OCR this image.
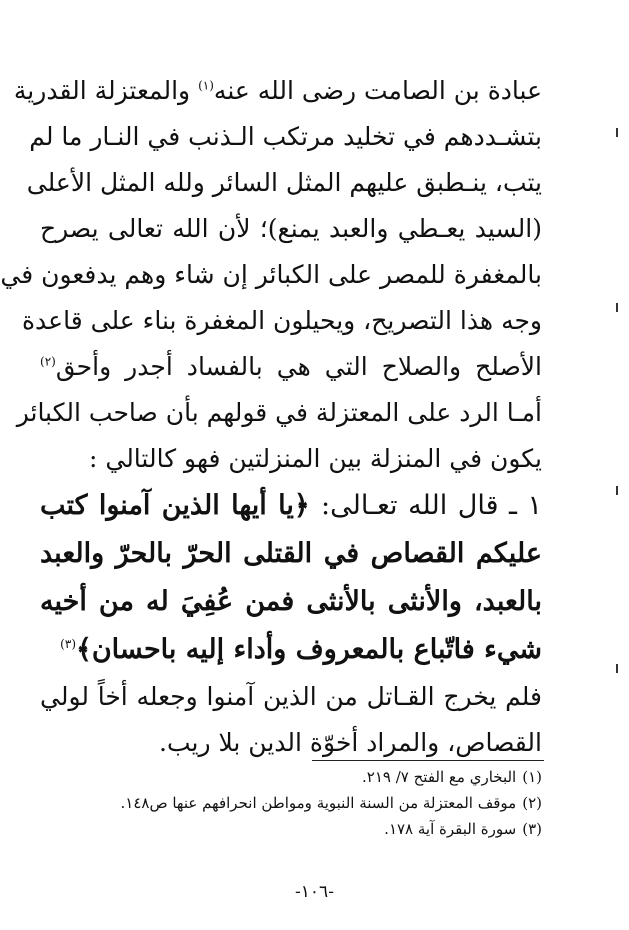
عبادة بن الصامت رضى الله عنه$^{(١)}$ والمعتزلة القدرية
بتشـددهم في تخليد مرتكب الـذنب في النـار ما لم
يتب، ينـطبق عليهم المثل السائر ولله المثل الأعلى
(السيد يعـطي والعبد يمنع)؛ لأن الله تعالى يصرح
بالمغفرة للمصر على الكبائر إن شاء وهم يدفعون في
وجه هذا التصريح، ويحيلون المغفرة بناء على قاعدة
الأصلح والصلاح التي هي بالفساد أجدر وأحق$^{(٢)}$
أمـا الرد على المعتزلة في قولهم بأن صاحب الكبائر
يكون في المنزلة بين المنزلتين فهو كالتالي :
١ ـ قال الله تعـالى: ﴿يا أيها الذين آمنوا كتب
عليكم القصاص في القتلى الحرّ بالحرّ والعبد
بالعبد، والأنثى بالأنثى فمن عُفِيَ له من أخيه
شيء فاتّباع بالمعروف وأداء إليه باحسان﴾$^{(٣)}$
فلم يخرج القـاتل من الذين آمنوا وجعله أخاً لولي
القصاص، والمراد أخوّة الدين بلا ريب.
(١)البخاري مع الفتح ٧/ ٢١٩.
(٢)موقف المعتزلة من السنة النبوية ومواطن انحرافهم عنها ص١٤٨.
(٣)سورة البقرة آية ١٧٨.
-١٠٦-
